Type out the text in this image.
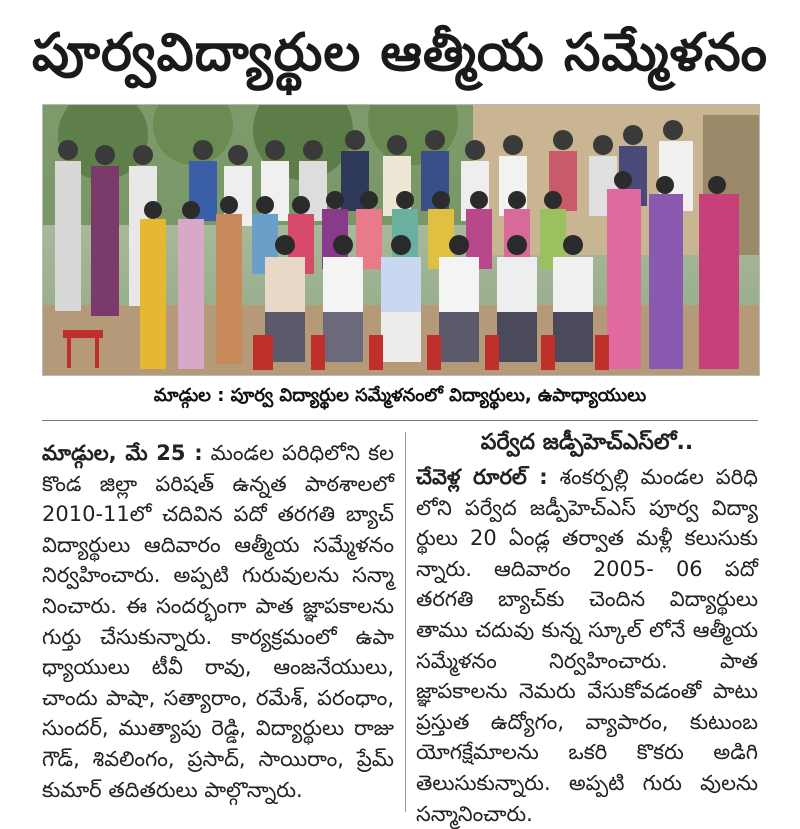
పూర్వవిద్యార్థుల ఆత్మీయ సమ్మేళనం
మాడ్గుల : పూర్వ విద్యార్థుల సమ్మేళనంలో విద్యార్థులు, ఉపాధ్యాయులు
మాడ్గుల, మే 25 : మండల పరిధిలోని కల కొండ జిల్లా పరిషత్ ఉన్నత పాఠశాలలో 2010-11లో చదివిన పదో తరగతి బ్యాచ్ విద్యార్థులు ఆదివారం ఆత్మీయ సమ్మేళనం నిర్వహించారు. అప్పటి గురువులను సన్మా నించారు. ఈ సందర్భంగా పాత జ్ఞాపకాలను గుర్తు చేసుకున్నారు. కార్యక్రమంలో ఉపా ధ్యాయులు టీవీ రావు, ఆంజనేయులు, చాందు పాషా, సత్యారాం, రమేశ్, పరంధాం, సుందర్, ముత్యాపు రెడ్డి, విద్యార్థులు రాజు గౌడ్, శివలింగం, ప్రసాద్, సాయిరాం, ప్రేమ్ కుమార్ తదితరులు పాల్గొన్నారు.
పర్వేద జడ్పీహెచ్ఎస్‌లో..
చేవెళ్ల రూరల్ : శంకర్పల్లి మండల పరిధి లోని పర్వేద జడ్పీహెచ్ఎస్ పూర్వ విద్యా ర్థులు 20 ఏండ్ల తర్వాత మళ్లీ కలుసుకు న్నారు. ఆదివారం 2005- 06 పదో తరగతి బ్యాచ్‌కు చెందిన విద్యార్థులు తాము చదువు కున్న స్కూల్ లోనే ఆత్మీయ సమ్మేళనం నిర్వహించారు. పాత జ్ఞాపకాలను నెమరు వేసుకోవడంతో పాటు ప్రస్తుత ఉద్యోగం, వ్యాపారం, కుటుంబ యోగక్షేమాలను ఒకరి కొకరు అడిగి తెలుసుకున్నారు. అప్పటి గురు వులను సన్మానించారు.
